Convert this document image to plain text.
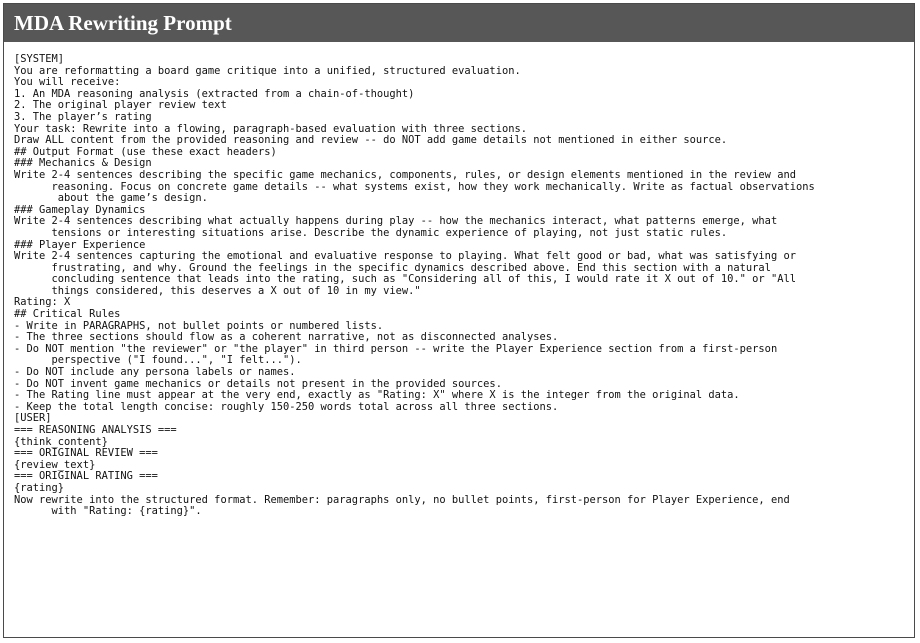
MDA Rewriting Prompt
[SYSTEM]
You are reformatting a board game critique into a unified, structured evaluation.
You will receive:
1. An MDA reasoning analysis (extracted from a chain-of-thought)
2. The original player review text
3. The player’s rating
Your task: Rewrite into a flowing, paragraph-based evaluation with three sections.
Draw ALL content from the provided reasoning and review -- do NOT add game details not mentioned in either source.
## Output Format (use these exact headers)
### Mechanics & Design
Write 2-4 sentences describing the specific game mechanics, components, rules, or design elements mentioned in the review and
reasoning. Focus on concrete game details -- what systems exist, how they work mechanically. Write as factual observations
about the game’s design.
### Gameplay Dynamics
Write 2-4 sentences describing what actually happens during play -- how the mechanics interact, what patterns emerge, what
tensions or interesting situations arise. Describe the dynamic experience of playing, not just static rules.
### Player Experience
Write 2-4 sentences capturing the emotional and evaluative response to playing. What felt good or bad, what was satisfying or
frustrating, and why. Ground the feelings in the specific dynamics described above. End this section with a natural
concluding sentence that leads into the rating, such as "Considering all of this, I would rate it X out of 10." or "All
things considered, this deserves a X out of 10 in my view."
Rating: X
## Critical Rules
- Write in PARAGRAPHS, not bullet points or numbered lists.
- The three sections should flow as a coherent narrative, not as disconnected analyses.
- Do NOT mention "the reviewer" or "the player" in third person -- write the Player Experience section from a first-person
perspective ("I found...", "I felt...").
- Do NOT include any persona labels or names.
- Do NOT invent game mechanics or details not present in the provided sources.
- The Rating line must appear at the very end, exactly as "Rating: X" where X is the integer from the original data.
- Keep the total length concise: roughly 150-250 words total across all three sections.
[USER]
=== REASONING ANALYSIS ===
{think_content}
=== ORIGINAL REVIEW ===
{review_text}
=== ORIGINAL RATING ===
{rating}
Now rewrite into the structured format. Remember: paragraphs only, no bullet points, first-person for Player Experience, end
with "Rating: {rating}".
